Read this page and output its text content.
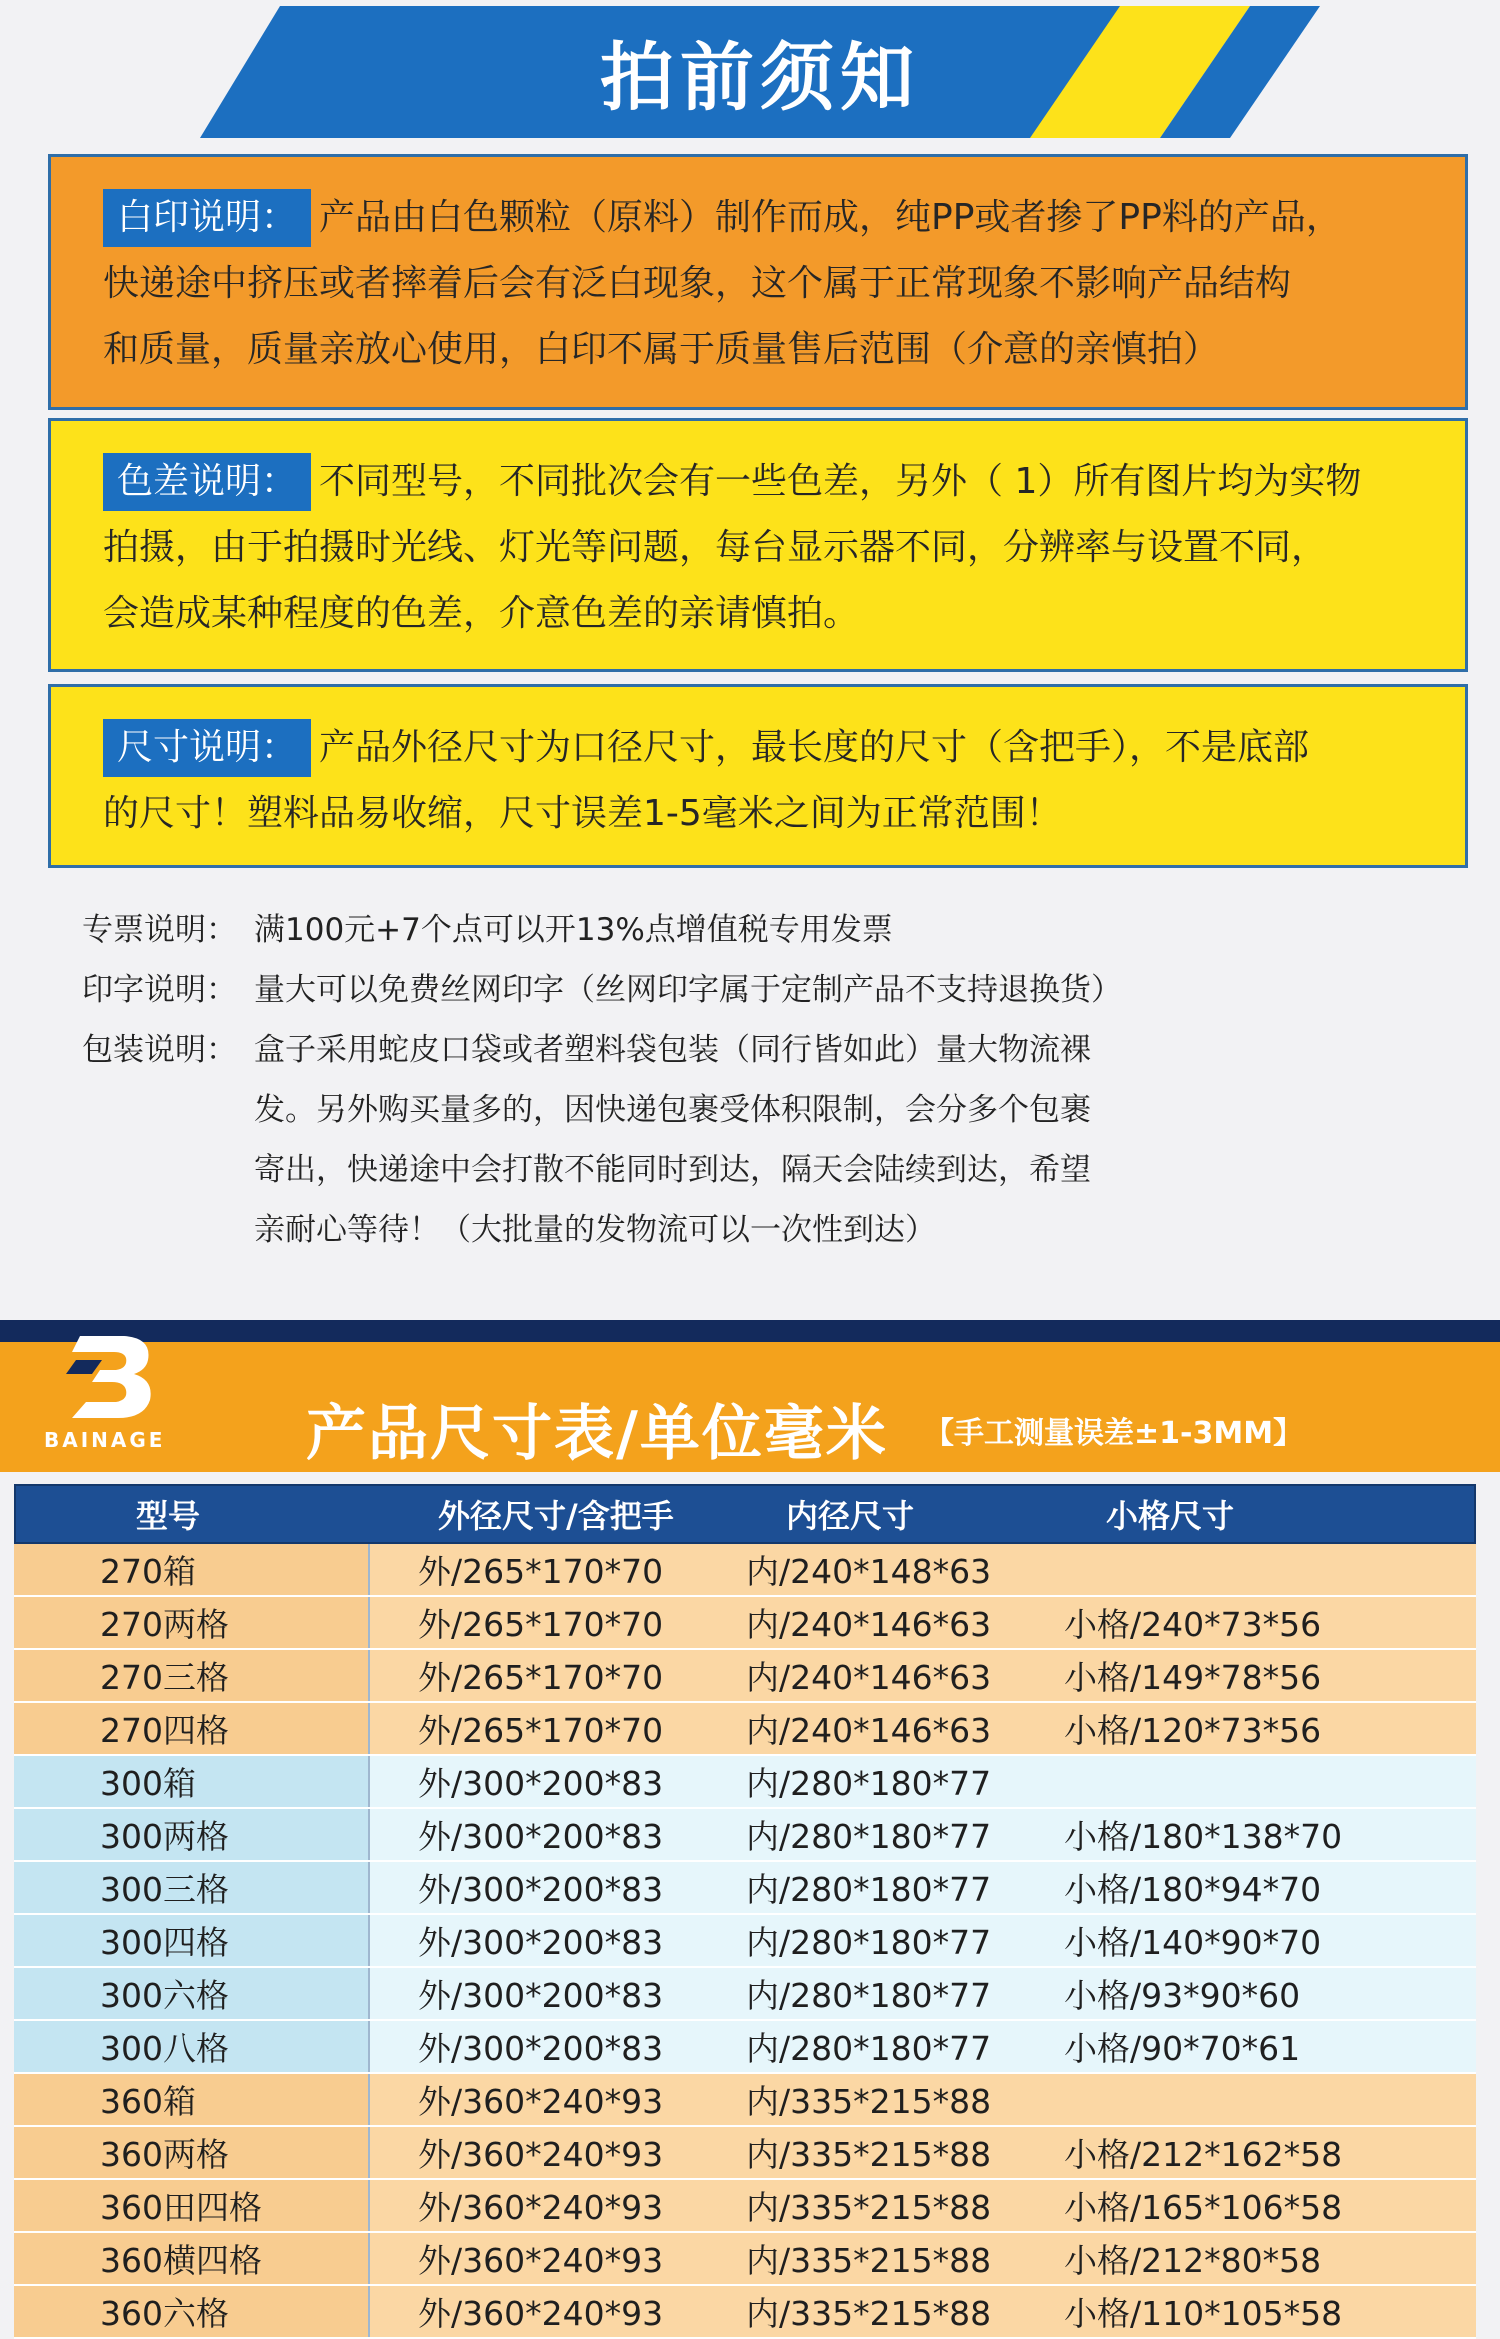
拍前须知

白印说明： 产品由白色颗粒（原料）制作而成，纯PP或者掺了PP料的产品，

快递途中挤压或者摔着后会有泛白现象，这个属于正常现象不影响产品结构

和质量，质量亲放心使用，白印不属于质量售后范围（介意的亲慎拍）

色差说明： 不同型号，不同批次会有一些色差，另外（ 1）所有图片均为实物

拍摄，由于拍摄时光线、灯光等问题，每台显示器不同，分辨率与设置不同，

会造成某种程度的色差，介意色差的亲请慎拍。

尺寸说明： 产品外径尺寸为口径尺寸，最长度的尺寸（含把手），不是底部

的尺寸！塑料品易收缩，尺寸误差1-5毫米之间为正常范围！

专票说明： 满100元+7个点可以开13%点增值税专用发票
印字说明： 量大可以免费丝网印字（丝网印字属于定制产品不支持退换货）
包装说明： 盒子采用蛇皮口袋或者塑料袋包装（同行皆如此）量大物流裸
发。另外购买量多的，因快递包裹受体积限制，会分多个包裹
寄出，快递途中会打散不能同时到达，隔天会陆续到达，希望
亲耐心等待！（大批量的发物流可以一次性到达）
BAINAGE	产品尺寸表/单位毫米 【手工测量误差±1-3MM】
型号	外径尺寸/含把手	内径尺寸	小格尺寸
270箱	外/265*170*70	内/240*148*63
270两格	外/265*170*70	内/240*146*63	小格/240*73*56
270三格	外/265*170*70	内/240*146*63	小格/149*78*56
270四格	外/265*170*70	内/240*146*63	小格/120*73*56
300箱	外/300*200*83	内/280*180*77
300两格	外/300*200*83	内/280*180*77	小格/180*138*70
300三格	外/300*200*83	内/280*180*77	小格/180*94*70
300四格	外/300*200*83	内/280*180*77	小格/140*90*70
300六格	外/300*200*83	内/280*180*77	小格/93*90*60
300八格	外/300*200*83	内/280*180*77	小格/90*70*61
360箱	外/360*240*93	内/335*215*88
360两格	外/360*240*93	内/335*215*88	小格/212*162*58
360田四格	外/360*240*93	内/335*215*88	小格/165*106*58
360横四格	外/360*240*93	内/335*215*88	小格/212*80*58
360六格	外/360*240*93	内/335*215*88	小格/110*105*58
